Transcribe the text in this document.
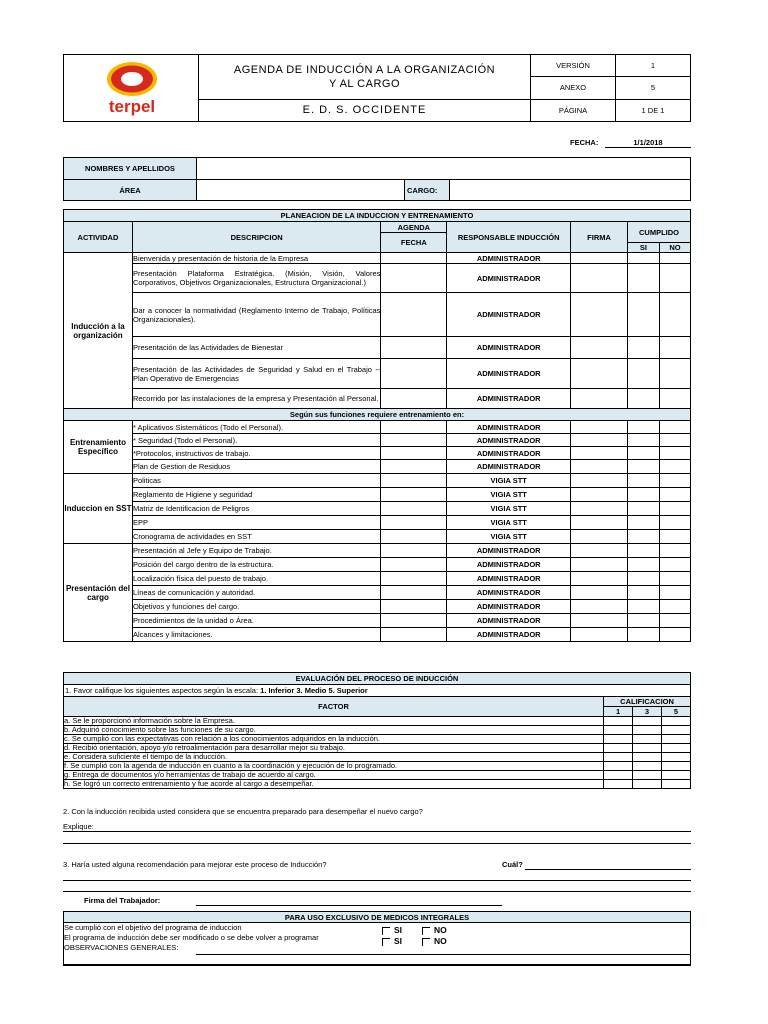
terpel	AGENDA DE INDUCCIÓN A LA ORGANIZACIÓN Y AL CARGO	VERSIÓN	1
		ANEXO	5
	E. D. S. OCCIDENTE	PÁGINA	1 DE 1
FECHA:	1/1/2018
NOMBRES Y APELLIDOS			
ÁREA		CARGO:	
PLANEACION DE LA INDUCCION Y ENTRENAMIENTO						
ACTIVIDAD	DESCRIPCION	AGENDA	RESPONSABLE INDUCCIÓN	FIRMA	CUMPLIDO	
		FECHA				
					SI	NO
Inducción a la organización	Bienvenida y presentación de historia de la Empresa		ADMINISTRADOR			
	Presentación Plataforma Estratégica. (Misión, Visión, Valores Corporativos, Objetivos Organizacionales, Estructura Organizacional.)		ADMINISTRADOR			
	Dar a conocer la normatividad (Reglamento Interno de Trabajo, Políticas Organizacionales).		ADMINISTRADOR			
	Presentación de las Actividades de Bienestar		ADMINISTRADOR			
	Presentación de las Actividades de Seguridad y Salud en el Trabajo -- Plan Operativo de Emergencias		ADMINISTRADOR			
	Recorrido por las instalaciones de la empresa y Presentación al Personal.		ADMINISTRADOR			
Según sus funciones requiere entrenamiento en:						
Entrenamiento Específico	* Aplicativos Sistemáticos (Todo el Personal).		ADMINISTRADOR			
	* Seguridad (Todo el Personal).		ADMINISTRADOR			
	*Protocolos, instructivos de trabajo.		ADMINISTRADOR			
	Plan de Gestion de Residuos		ADMINISTRADOR			
Induccion en SST	Politicas		VIGIA STT			
	Reglamento de Higiene y seguridad		VIGIA STT			
	Matriz de Identificacion de Peligros		VIGIA STT			
	EPP		VIGIA STT			
	Cronograma de actividades en SST		VIGIA STT			
Presentación del cargo	Presentación al Jefe y Equipo de Trabajo.		ADMINISTRADOR			
	Posición del cargo dentro de la estructura.		ADMINISTRADOR			
	Localización física del puesto de trabajo.		ADMINISTRADOR			
	Líneas de comunicación y autoridad.		ADMINISTRADOR			
	Objetivos y funciones del cargo.		ADMINISTRADOR			
	Procedimientos de la unidad o Área.		ADMINISTRADOR			
	Alcances y limitaciones.		ADMINISTRADOR			
EVALUACIÓN DEL PROCESO DE INDUCCIÓN			
1. Favor califique los siguientes aspectos según la escala: 1. Inferior 3. Medio 5. Superior			
FACTOR	CALIFICACION		
	1	3	5
a. Se le proporcionó información sobre la Empresa.			
b. Adquirió conocimiento sobre las funciones de su cargo.			
c. Se cumplió con las expectativas con relación a los conocimientos adquiridos en la inducción.			
d. Recibió orientación, apoyo y/o retroalimentación para desarrollar mejor su trabajo.			
e. Considera suficiente el tiempo de la inducción.			
f. Se cumplió con la agenda de inducción en cuanto a la coordinación y ejecución de lo programado.			
g. Entrega de documentos y/o herramientas de trabajo de acuerdo al cargo.			
h. Se logró un correcto entrenamiento y fue acorde al cargo a desempeñar.			
2. Con la inducción recibida usted considera que se encuentra preparado para desempeñar el nuevo cargo?
Explique:
3. Haría usted alguna recomendación para mejorar este proceso de Inducción?	Cuál?
Firma del Trabajador:
PARA USO EXCLUSIVO DE MEDICOS INTEGRALES

Se cumplió con el objetivo del programa de induccion
El programa de inducción debe ser modificado o se debe volver a programar
OBSERVACIONES GENERALES:
SI	NO
SI	NO
